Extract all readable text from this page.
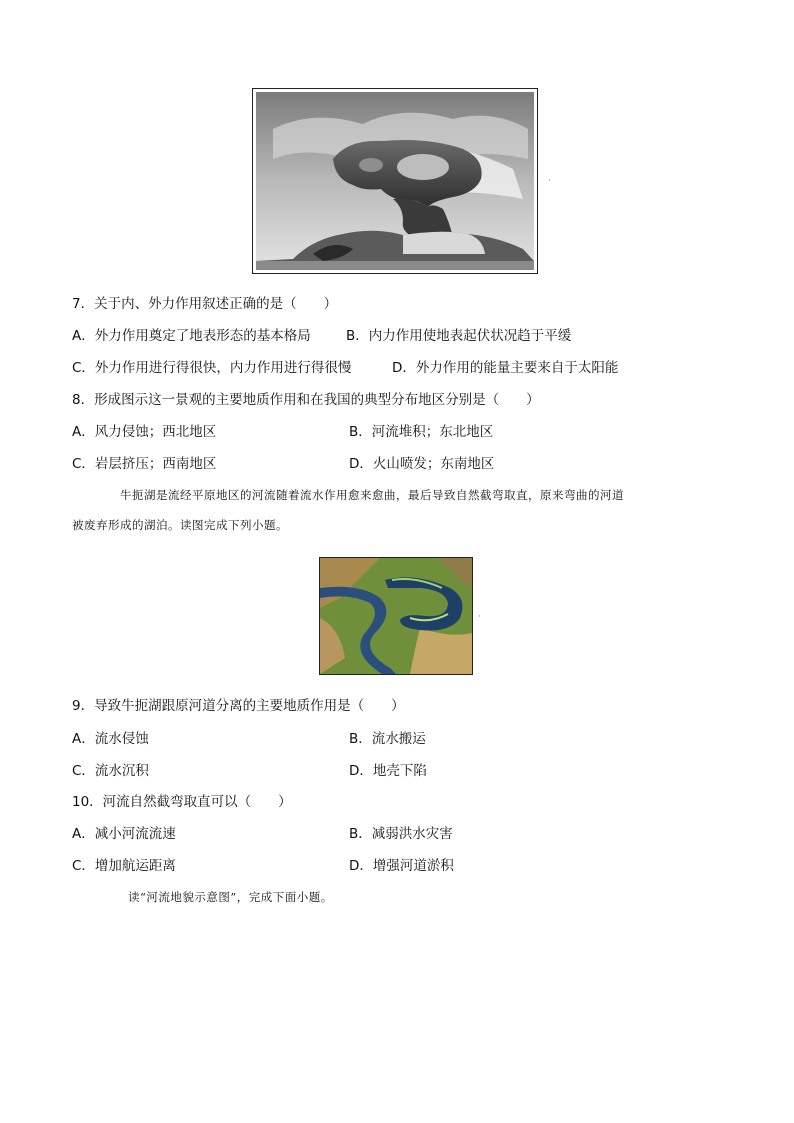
·
7．关于内、外力作用叙述正确的是（　　）
A．外力作用奠定了地表形态的基本格局	B．内力作用使地表起伏状况趋于平缓
C．外力作用进行得很快，内力作用进行得很慢	D．外力作用的能量主要来自于太阳能
8．形成图示这一景观的主要地质作用和在我国的典型分布地区分别是（　　）
A．风力侵蚀；西北地区	B．河流堆积；东北地区
C．岩层挤压；西南地区	D．火山喷发；东南地区
牛扼湖是流经平原地区的河流随着流水作用愈来愈曲，最后导致自然截弯取直，原来弯曲的河道
被废弃形成的湖泊。读图完成下列小题。
·
9．导致牛扼湖跟原河道分离的主要地质作用是（　　）
A．流水侵蚀	B．流水搬运
C．流水沉积	D．地壳下陷
10．河流自然截弯取直可以（　　）
A．减小河流流速	B．减弱洪水灾害
C．增加航运距离	D．增强河道淤积
读“河流地貌示意图”，完成下面小题。
